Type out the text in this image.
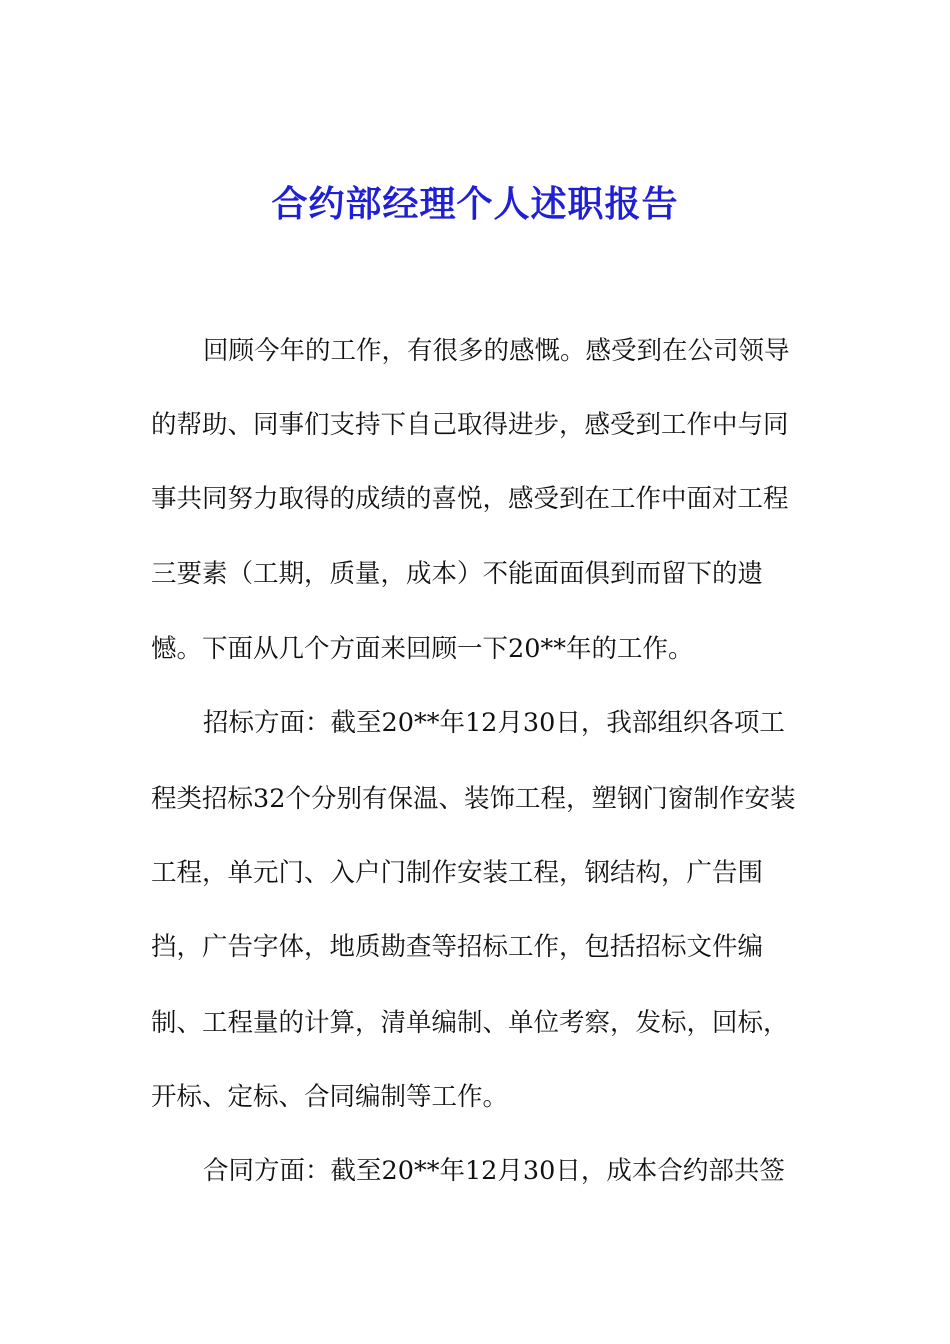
合约部经理个人述职报告

回顾今年的工作，有很多的感慨。感受到在公司领导

的帮助、同事们支持下自己取得进步，感受到工作中与同

事共同努力取得的成绩的喜悦，感受到在工作中面对工程

三要素（工期，质量，成本）不能面面俱到而留下的遗

憾。下面从几个方面来回顾一下20**年的工作。

招标方面：截至20**年12月30日，我部组织各项工

程类招标32个分别有保温、装饰工程，塑钢门窗制作安装

工程，单元门、入户门制作安装工程，钢结构，广告围

挡，广告字体，地质勘查等招标工作，包括招标文件编

制、工程量的计算，清单编制、单位考察，发标，回标，

开标、定标、合同编制等工作。

合同方面：截至20**年12月30日，成本合约部共签
